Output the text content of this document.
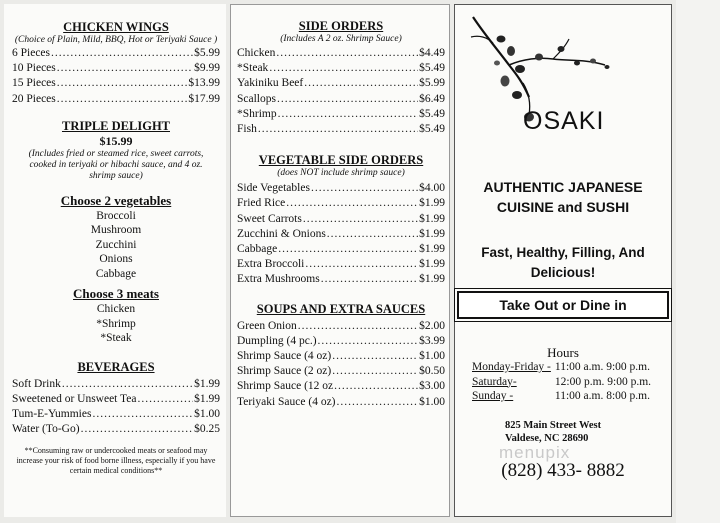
CHICKEN WINGS

(Choice of Plain, Mild, BBQ, Hot or Teriyaki Sauce )

6 Pieces .....	$5.99
10 Pieces .....	$9.99
15 Pieces .....	$13.99
20 Pieces .....	$17.99

TRIPLE DELIGHT

$15.99

(Includes fried or steamed rice, sweet carrots, cooked in teriyaki or hibachi sauce, and 4 oz. shrimp sauce)

Choose 2 vegetables

Broccoli
Mushroom
Zucchini
Onions
Cabbage

Choose 3 meats

Chicken
*Shrimp
*Steak

BEVERAGES

Soft Drink .....	$1.99
Sweetened or Unsweet Tea .....	$1.99
Tum-E-Yummies .....	$1.00
Water (To-Go) .....	$0.25

**Consuming raw or undercooked meats or seafood may increase your risk of food borne illness, especially if you have certain medical conditions**

SIDE ORDERS

(Includes A 2 oz. Shrimp Sauce)

Chicken .....	$4.49
*Steak .....	$5.49
Yakiniku Beef .....	$5.99
Scallops .....	$6.49
*Shrimp .....	$5.49
Fish .....	$5.49

VEGETABLE SIDE ORDERS

(does NOT include shrimp sauce)

Side Vegetables .....	$4.00
Fried Rice .....	$1.99
Sweet Carrots .....	$1.99
Zucchini & Onions .....	$1.99
Cabbage .....	$1.99
Extra Broccoli .....	$1.99
Extra Mushrooms .....	$1.99

SOUPS AND EXTRA SAUCES

Green Onion .....	$2.00
Dumpling (4 pc.) .....	$3.99
Shrimp Sauce (4 oz) .....	$1.00
Shrimp Sauce (2 oz) .....	$0.50
Shrimp Sauce (12 oz .....	$3.00
Teriyaki Sauce (4 oz) .....	$1.00
OSAKI
AUTHENTIC JAPANESE
CUISINE and SUSHI
Fast, Healthy, Filling, And
Delicious!
Take Out or Dine in
Hours
Monday-Friday -	11:00 a.m. 9:00 p.m.
Saturday-	12:00 p.m. 9:00 p.m.
Sunday -	11:00 a.m. 8:00 p.m.
825 Main Street West
Valdese, NC 28690
menupix
(828) 433- 8882
